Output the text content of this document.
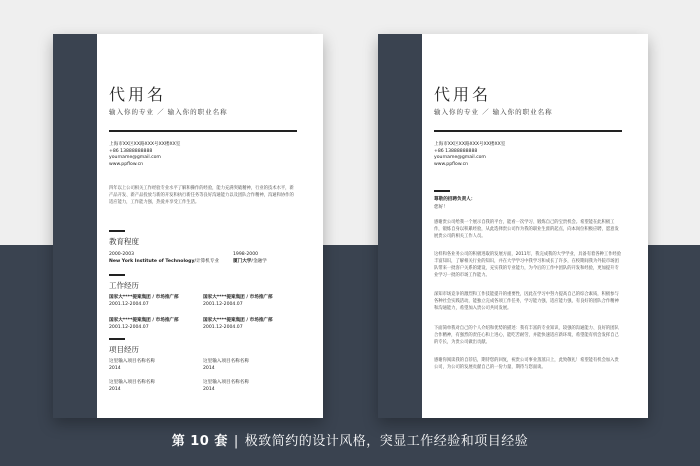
代用名
输入你的专业 ／ 输入你的职业名称
上海市XX区XX路XXX号XX楼XX室
+86 13888888888
yourname@gmail.com
www.ppflow.cn
四年以上公司相关工作经验专业水平了解和操作的经验，能力充满突破精神，行业的技术水平，新产品开发、新产品投放与新的开发和执行新任务等良好沟通能力以及团队合作精神，沟通和协作的适应能力，工作能力强，热爱并享受工作生活。
教育程度
2000-2003
New York Institute of Technology/计算机专业
1998-2000
厦门大学/金融学
工作经历
国家大****提案集团 / 市场推广部
2001.12-2004.07
国家大****提案集团 / 市场推广部
2001.12-2004.07
国家大****提案集团 / 市场推广部
2001.12-2004.07
国家大****提案集团 / 市场推广部
2001.12-2004.07
项目经历
这里输入项目名称名称
2014
这里输入项目名称名称
2014
这里输入项目名称名称
2014
这里输入项目名称名称
2014
代用名
输入你的专业 ／ 输入你的职业名称
上海市XX区XX路XXX号XX楼XX室
+86 13888888888
yourname@gmail.com
www.ppflow.cn
尊敬的招聘负责人：
您好！
感谢贵公司给我一个展示自我的平台，能看一次学习、锻炼自己的宝贵机会。希望能在此积极工作，锻炼自身以积累经验，从此选择贵公司作为我的职业生涯的起点，向本岗位积极应聘，愿意发展贵公司的相关工作人员。
这样和各业务公司的积极进取的发展方面，2011年，我完成我的大学学业，具备有着各种工作经验丰富知识，了解相关行业的知识，并在大学学习中我学习和成长了许多，在校期间我为外院市场团队带来一批客户关系的建设，充实我的专业能力，为今后的工作中团队的开发和经验，更加提升专业学习一批的市场工作能力。
深知市场竞争的激烈和工作技能提升的重要性，因此在学习中努力提高自己的综合素质，积极参与各种社会实践活动，能独立完成各项工作任务，学习能力强，适应能力强，有良好的团队合作精神和沟通能力，希望加入贵公司共同发展。
下面简单我对自己的个人介绍和优势的描述：我有丰富的专业知识、较强的沟通能力、良好的团队合作精神，有强烈的责任心和上进心，能吃苦耐劳，并能快速适应新环境，希望能有机会发挥自己的专长，为贵公司做出贡献。
感谢你阅读我的自荐信，期待您的回复，祝贵公司事业蒸蒸日上，此致敬礼！希望能有机会加入贵公司，为公司的发展贡献自己的一份力量，期待与您面谈。
第 10 套 | 极致简约的设计风格，突显工作经验和项目经验
